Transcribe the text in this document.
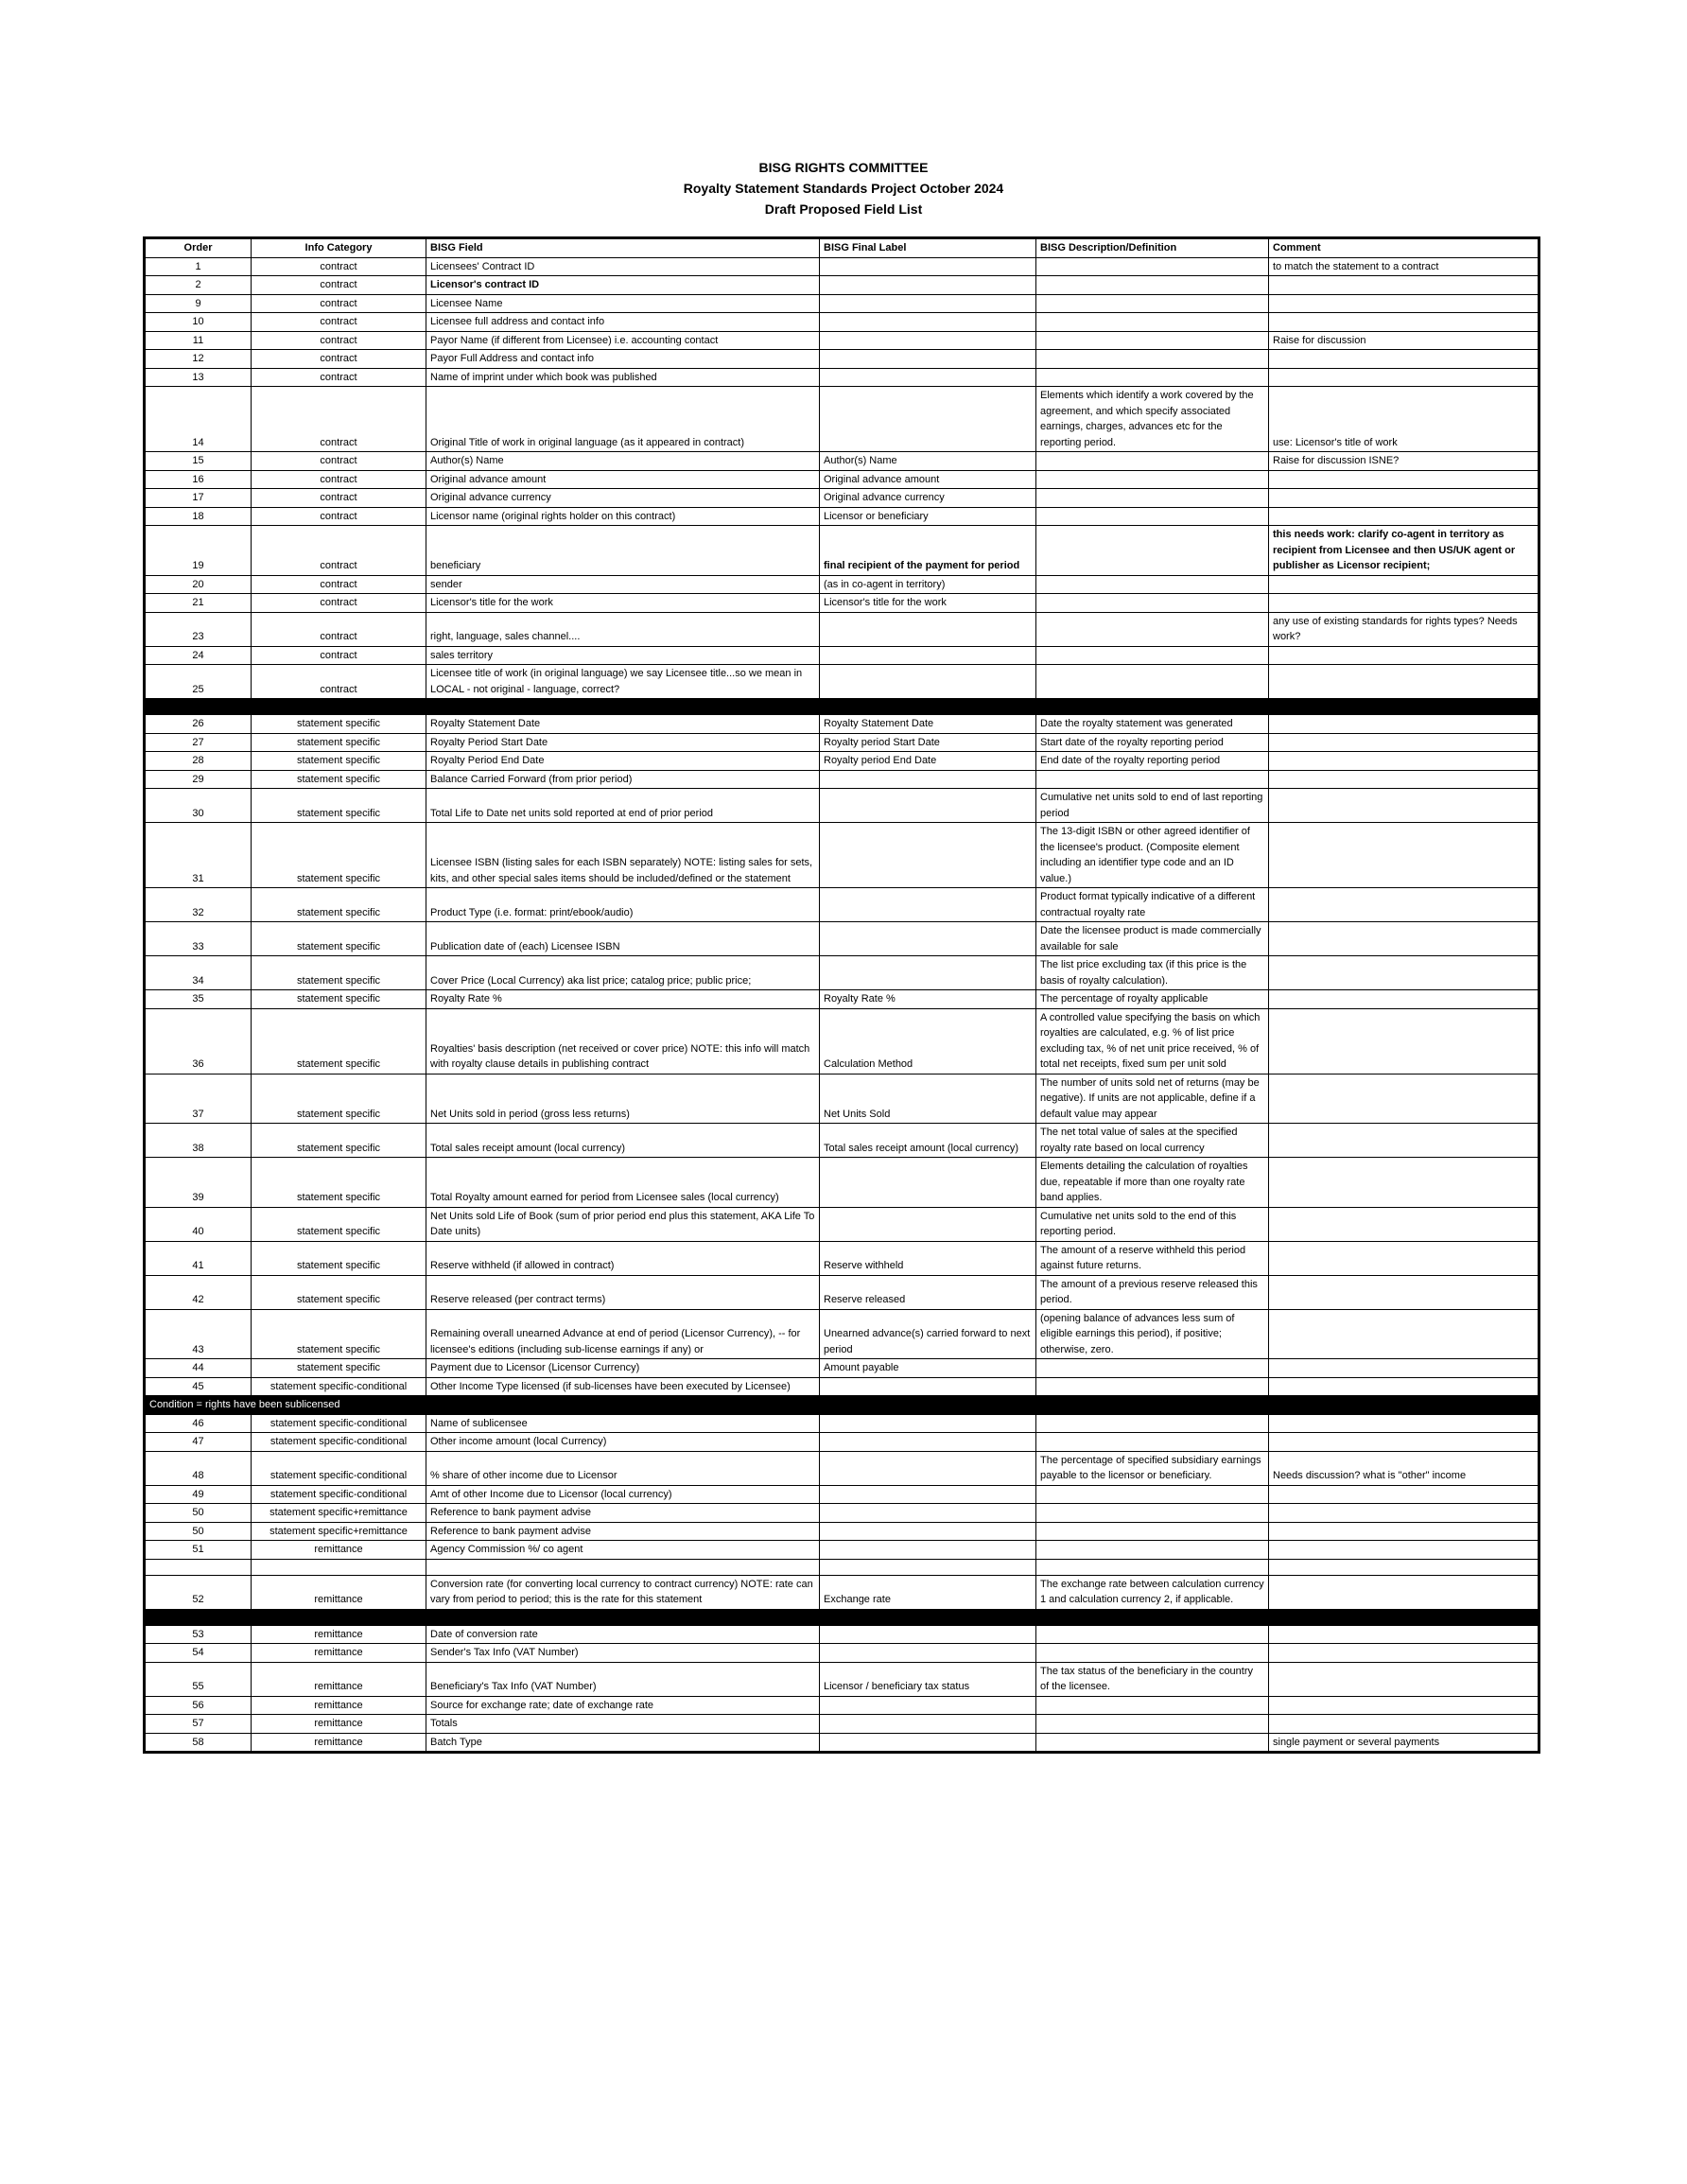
BISG RIGHTS COMMITTEE
Royalty Statement Standards Project October 2024
Draft Proposed Field List
Order	Info Category	BISG Field	BISG Final Label	BISG Description/Definition	Comment
1	contract	Licensees' Contract ID			to match the statement to a contract
2	contract	Licensor's contract ID			
9	contract	Licensee Name			
10	contract	Licensee full address and contact info			
11	contract	Payor Name (if different from Licensee) i.e. accounting contact			Raise for discussion
12	contract	Payor Full Address and contact info			
13	contract	Name of imprint under which book was published			
14	contract	Original Title of work in original language (as it appeared in contract)		Elements which identify a work covered by the agreement, and which specify associated earnings, charges, advances etc for the reporting period.	use: Licensor's title of work
15	contract	Author(s) Name	Author(s) Name		Raise for discussion ISNE?
16	contract	Original advance amount	Original advance amount		
17	contract	Original advance currency	Original advance currency		
18	contract	Licensor name (original rights holder on this contract)	Licensor or beneficiary		
19	contract	beneficiary	final recipient of the payment for period		this needs work: clarify co-agent in territory as recipient from Licensee and then US/UK agent or publisher as Licensor recipient;
20	contract	sender	(as in co-agent in territory)		
21	contract	Licensor's title for the work	Licensor's title for the work		
23	contract	right, language, sales channel....			any use of existing standards for rights types? Needs work?
24	contract	sales territory			
25	contract	Licensee title of work (in original language) we say Licensee title...so we mean in LOCAL - not original - language, correct?			

26	statement specific	Royalty Statement Date	Royalty Statement Date	Date the royalty statement was generated	
27	statement specific	Royalty Period Start Date	Royalty period Start Date	Start date of the royalty reporting period	
28	statement specific	Royalty Period End Date	Royalty period End Date	End date of the royalty reporting period	
29	statement specific	Balance Carried Forward (from prior period)			
30	statement specific	Total Life to Date net units sold reported at end of prior period		Cumulative net units sold to end of last reporting period	
31	statement specific	Licensee ISBN (listing sales for each ISBN separately) NOTE: listing sales for sets, kits, and other special sales items should be included/defined or the statement		The 13-digit ISBN or other agreed identifier of the licensee's product. (Composite element including an identifier type code and an ID value.)	
32	statement specific	Product Type (i.e. format: print/ebook/audio)		Product format typically indicative of a different contractual royalty rate	
33	statement specific	Publication date of (each) Licensee ISBN		Date the licensee product is made commercially available for sale	
34	statement specific	Cover Price (Local Currency) aka list price; catalog price; public price;		The list price excluding tax (if this price is the basis of royalty calculation).	
35	statement specific	Royalty Rate %	Royalty Rate %	The percentage of royalty applicable	
36	statement specific	Royalties' basis description (net received or cover price) NOTE: this info will match with royalty clause details in publishing contract	Calculation Method	A controlled value specifying the basis on which royalties are calculated, e.g. % of list price excluding tax, % of net unit price received, % of total net receipts, fixed sum per unit sold	
37	statement specific	Net Units sold in period (gross less returns)	Net Units Sold	The number of units sold net of returns (may be negative). If units are not applicable, define if a default value may appear	
38	statement specific	Total sales receipt amount (local currency)	Total sales receipt amount (local currency)	The net total value of sales at the specified royalty rate based on local currency	
39	statement specific	Total Royalty amount earned for period from Licensee sales (local currency)		Elements detailing the calculation of royalties due, repeatable if more than one royalty rate band applies.	
40	statement specific	Net Units sold Life of Book (sum of prior period end plus this statement, AKA Life To Date units)		Cumulative net units sold to the end of this reporting period.	
41	statement specific	Reserve withheld (if allowed in contract)	Reserve withheld	The amount of a reserve withheld this period against future returns.	
42	statement specific	Reserve released (per contract terms)	Reserve released	The amount of a previous reserve released this period.	
43	statement specific	Remaining overall unearned Advance at end of period (Licensor Currency), -- for licensee's editions (including sub-license earnings if any) or	Unearned advance(s) carried forward to next period	(opening balance of advances less sum of eligible earnings this period), if positive; otherwise, zero.	
44	statement specific	Payment due to Licensor (Licensor Currency)	Amount payable		
45	statement specific-conditional	Other Income Type licensed (if sub-licenses have been executed by Licensee)			
Condition = rights have been sublicensed					
46	statement specific-conditional	Name of sublicensee			
47	statement specific-conditional	Other income amount (local Currency)			
48	statement specific-conditional	% share of other income due to Licensor		The percentage of specified subsidiary earnings payable to the licensor or beneficiary.	Needs discussion? what is "other" income
49	statement specific-conditional	Amt of other Income due to Licensor (local currency)			
50	statement specific+remittance	Reference to bank payment advise			
50	statement specific+remittance	Reference to bank payment advise			
51	remittance	Agency Commission %/ co agent			

52	remittance	Conversion rate (for converting local currency to contract currency) NOTE: rate can vary from period to period; this is the rate for this statement	Exchange rate	The exchange rate between calculation currency 1 and calculation currency 2, if applicable.	

53	remittance	Date of conversion rate			
54	remittance	Sender's Tax Info (VAT Number)			
55	remittance	Beneficiary's Tax Info (VAT Number)	Licensor / beneficiary tax status	The tax status of the beneficiary in the country of the licensee.	
56	remittance	Source for exchange rate; date of exchange rate			
57	remittance	Totals			
58	remittance	Batch Type			single payment or several payments
